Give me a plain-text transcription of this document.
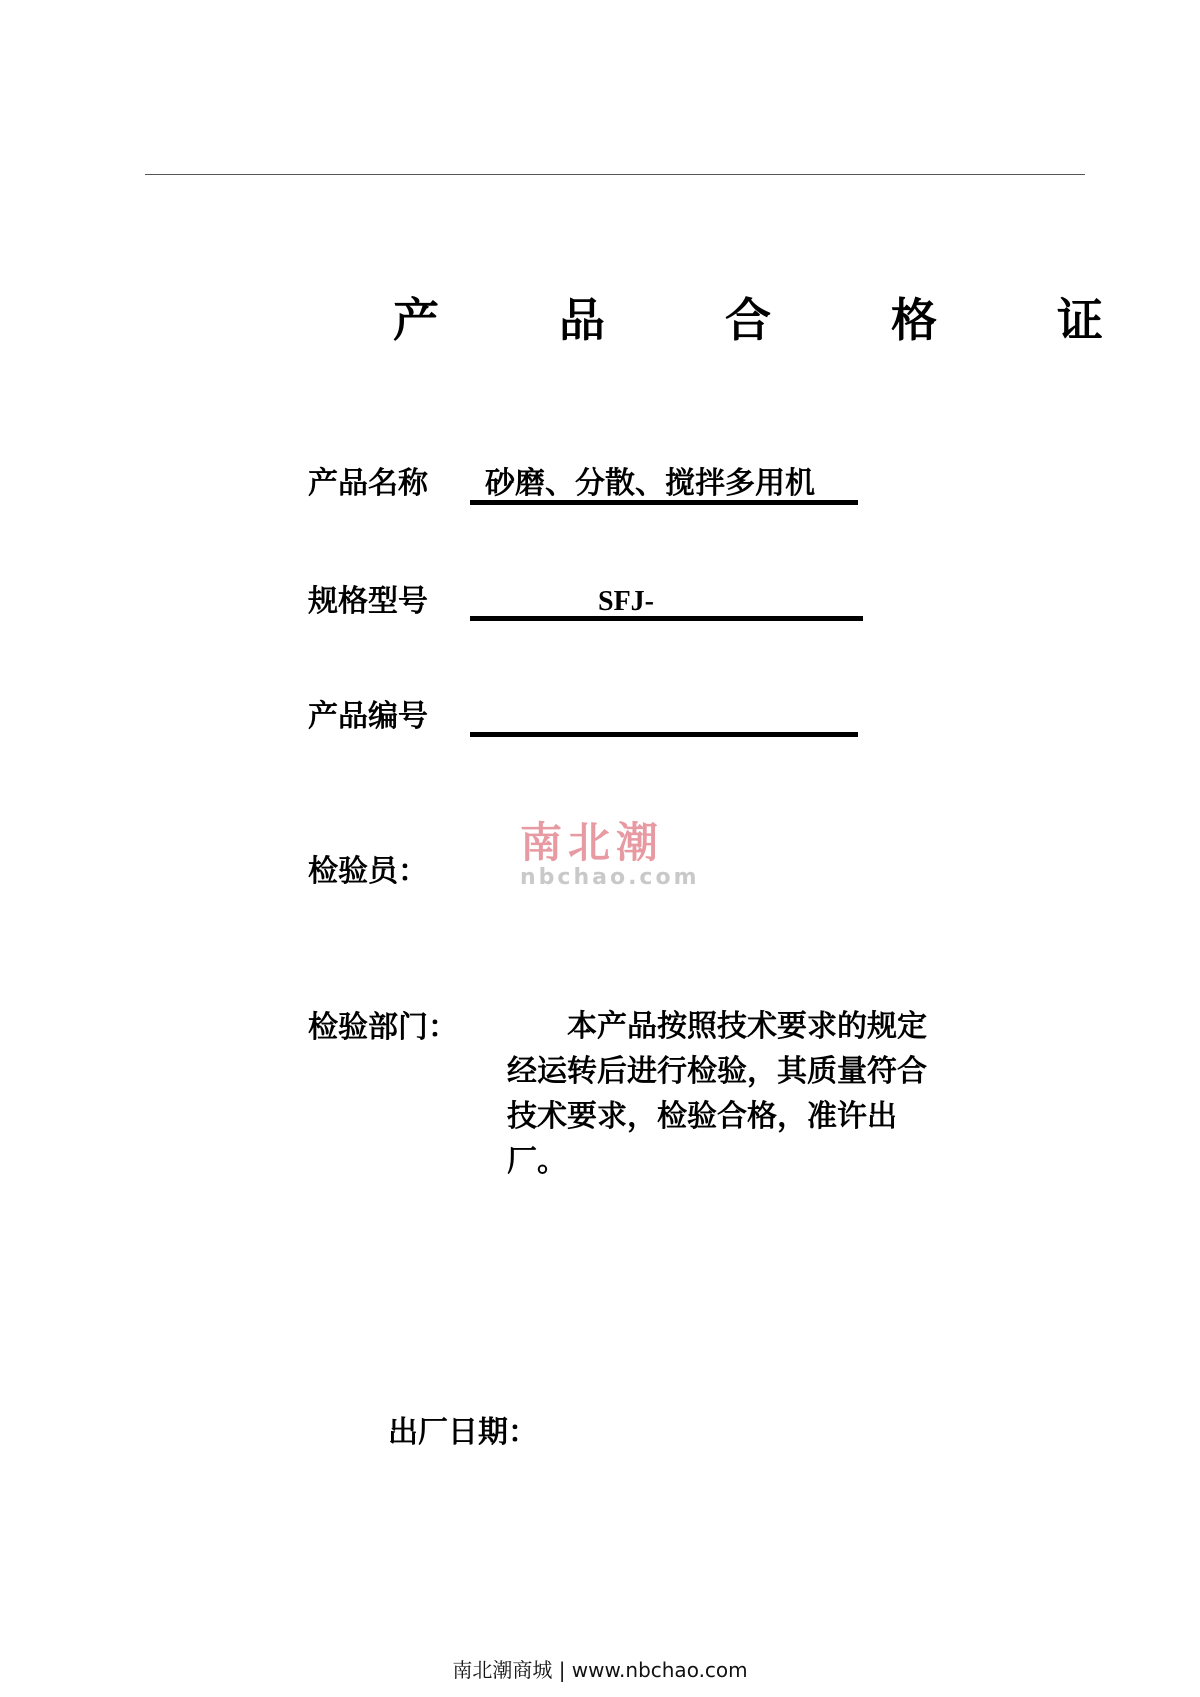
产 品 合 格 证
产品名称 砂磨、分散、搅拌多用机
规格型号	SFJ-
产品编号
检验员：
南北潮
nbchao.com
检验部门：	本产品按照技术要求的规定经运转后进行检验，其质量符合技术要求，检验合格，准许出厂。
出厂日期：
南北潮商城 | www.nbchao.com
